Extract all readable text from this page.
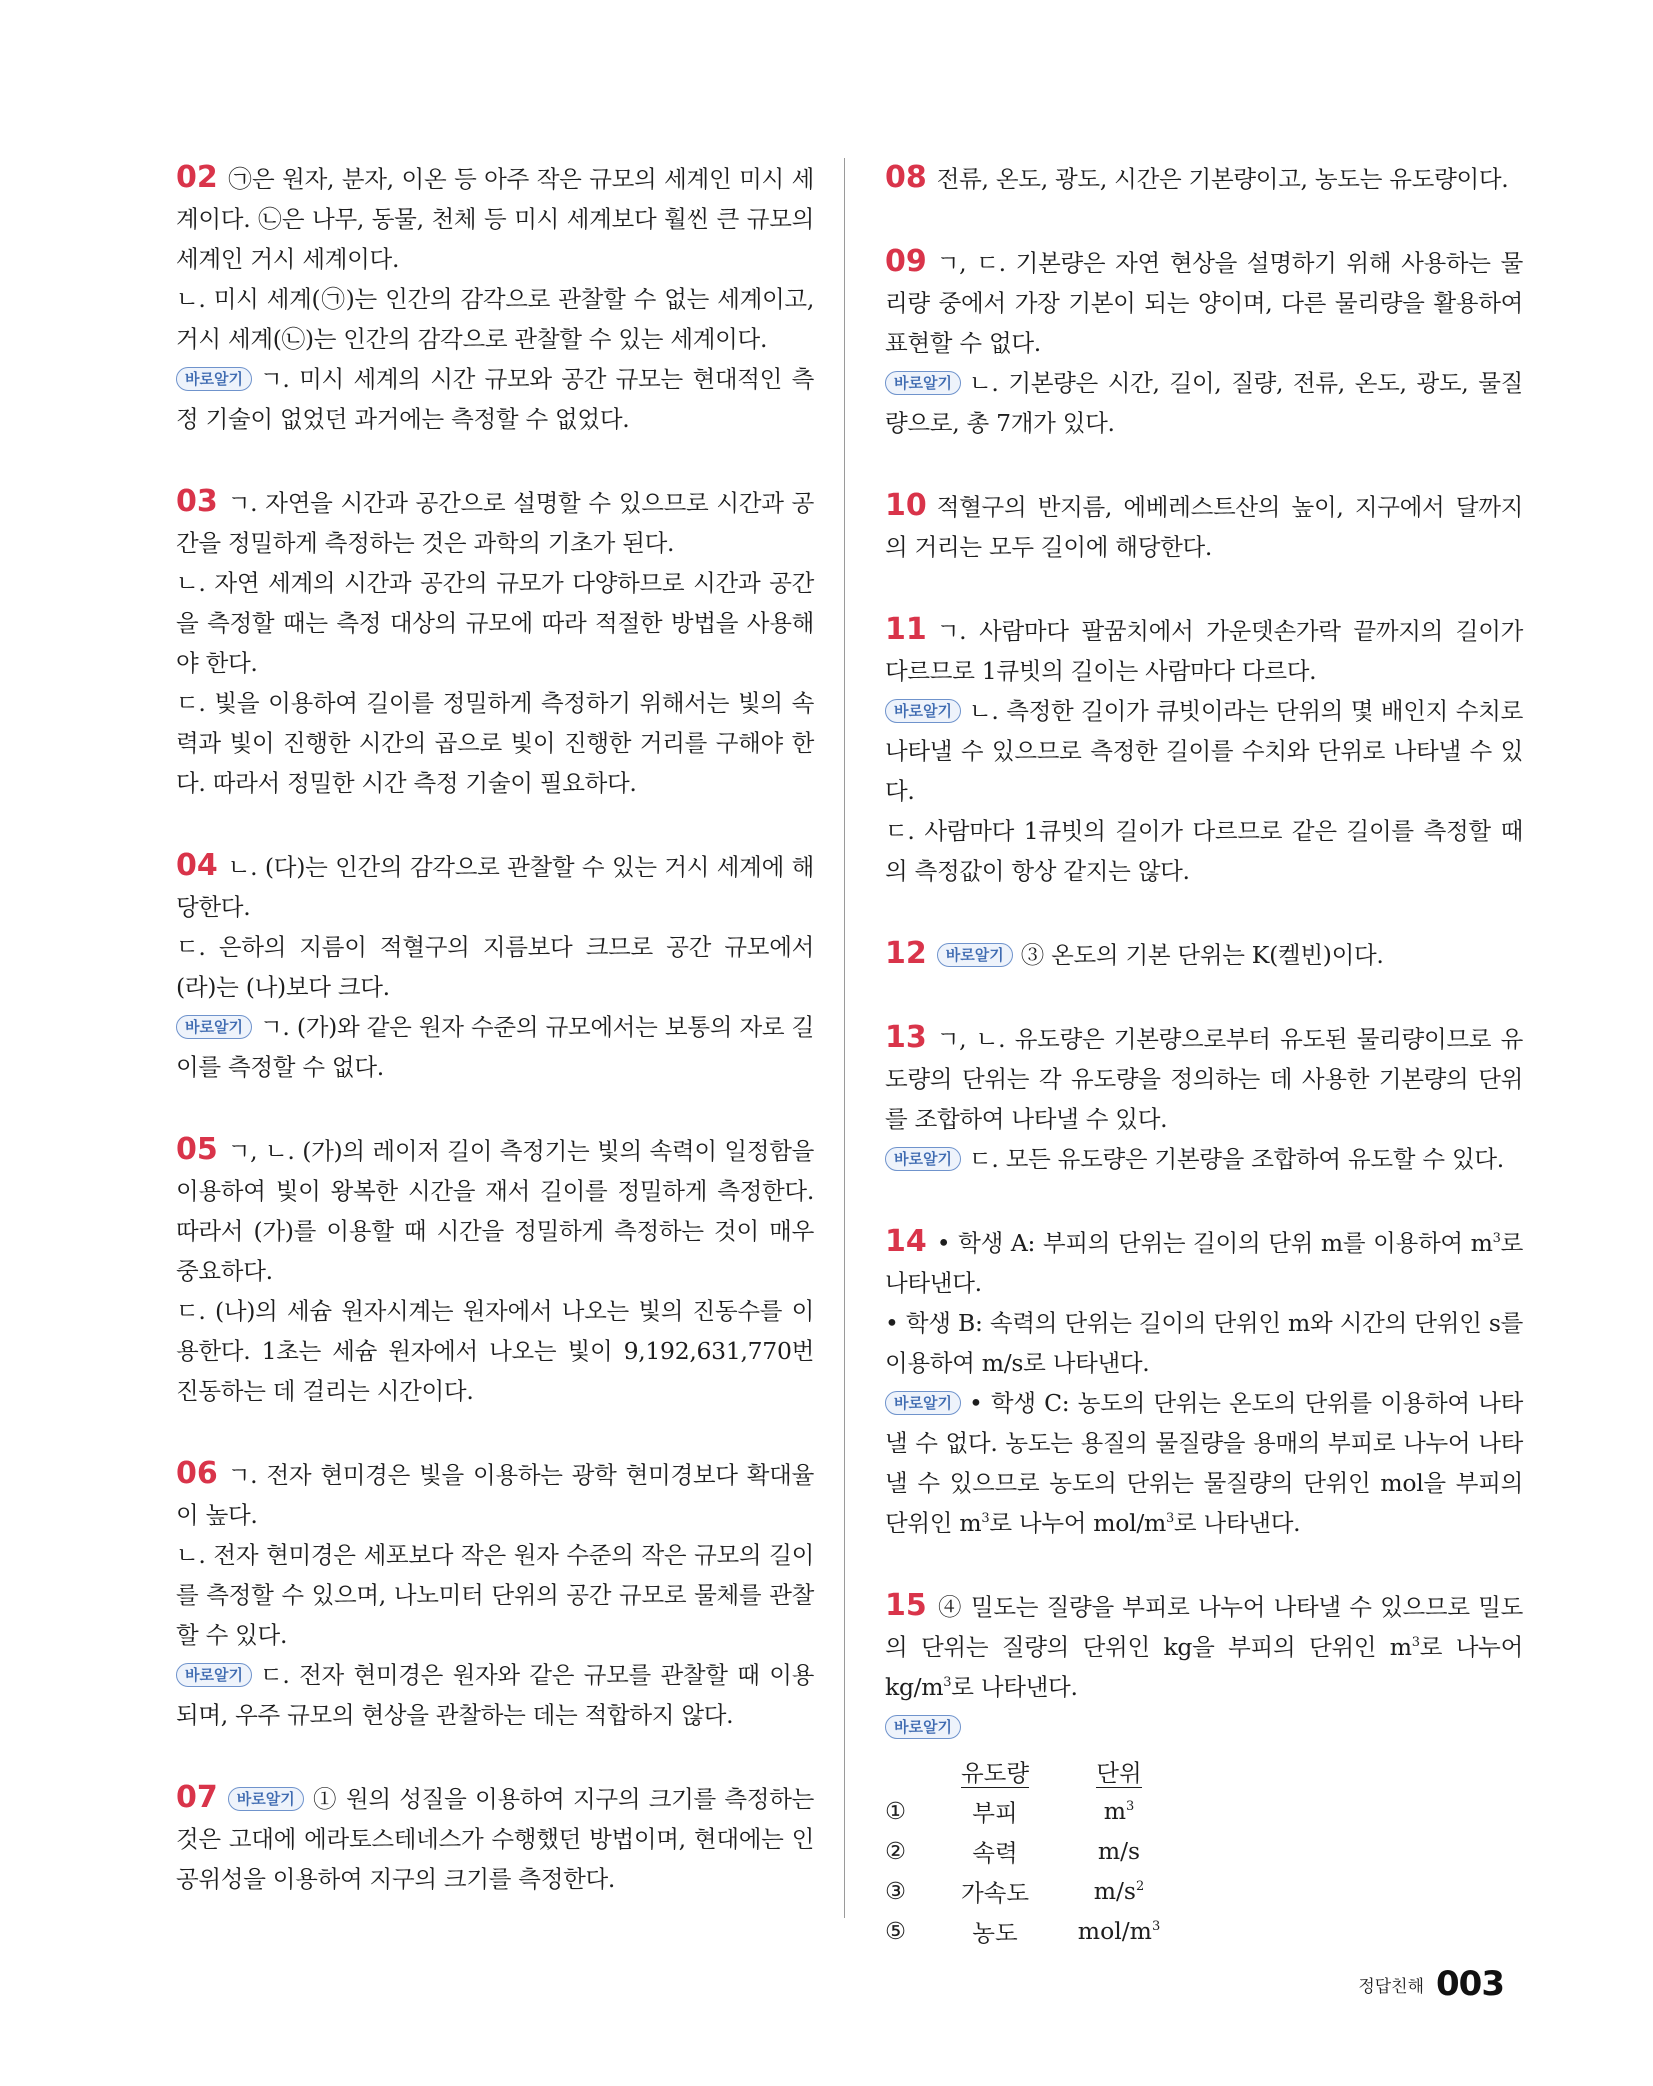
02 ㉠은 원자, 분자, 이온 등 아주 작은 규모의 세계인 미시 세계이다. ㉡은 나무, 동물, 천체 등 미시 세계보다 훨씬 큰 규모의 세계인 거시 세계이다.

ㄴ. 미시 세계(㉠)는 인간의 감각으로 관찰할 수 없는 세계이고, 거시 세계(㉡)는 인간의 감각으로 관찰할 수 있는 세계이다.

바로알기 ㄱ. 미시 세계의 시간 규모와 공간 규모는 현대적인 측정 기술이 없었던 과거에는 측정할 수 없었다.

03 ㄱ. 자연을 시간과 공간으로 설명할 수 있으므로 시간과 공간을 정밀하게 측정하는 것은 과학의 기초가 된다.

ㄴ. 자연 세계의 시간과 공간의 규모가 다양하므로 시간과 공간을 측정할 때는 측정 대상의 규모에 따라 적절한 방법을 사용해야 한다.

ㄷ. 빛을 이용하여 길이를 정밀하게 측정하기 위해서는 빛의 속력과 빛이 진행한 시간의 곱으로 빛이 진행한 거리를 구해야 한다. 따라서 정밀한 시간 측정 기술이 필요하다.

04 ㄴ. (다)는 인간의 감각으로 관찰할 수 있는 거시 세계에 해당한다.

ㄷ. 은하의 지름이 적혈구의 지름보다 크므로 공간 규모에서 (라)는 (나)보다 크다.

바로알기 ㄱ. (가)와 같은 원자 수준의 규모에서는 보통의 자로 길이를 측정할 수 없다.

05 ㄱ, ㄴ. (가)의 레이저 길이 측정기는 빛의 속력이 일정함을 이용하여 빛이 왕복한 시간을 재서 길이를 정밀하게 측정한다. 따라서 (가)를 이용할 때 시간을 정밀하게 측정하는 것이 매우 중요하다.

ㄷ. (나)의 세슘 원자시계는 원자에서 나오는 빛의 진동수를 이용한다. 1초는 세슘 원자에서 나오는 빛이 9,192,631,770번 진동하는 데 걸리는 시간이다.

06 ㄱ. 전자 현미경은 빛을 이용하는 광학 현미경보다 확대율이 높다.

ㄴ. 전자 현미경은 세포보다 작은 원자 수준의 작은 규모의 길이를 측정할 수 있으며, 나노미터 단위의 공간 규모로 물체를 관찰할 수 있다.

바로알기 ㄷ. 전자 현미경은 원자와 같은 규모를 관찰할 때 이용되며, 우주 규모의 현상을 관찰하는 데는 적합하지 않다.

07 바로알기 ① 원의 성질을 이용하여 지구의 크기를 측정하는 것은 고대에 에라토스테네스가 수행했던 방법이며, 현대에는 인공위성을 이용하여 지구의 크기를 측정한다.

08 전류, 온도, 광도, 시간은 기본량이고, 농도는 유도량이다.

09 ㄱ, ㄷ. 기본량은 자연 현상을 설명하기 위해 사용하는 물리량 중에서 가장 기본이 되는 양이며, 다른 물리량을 활용하여 표현할 수 없다.

바로알기 ㄴ. 기본량은 시간, 길이, 질량, 전류, 온도, 광도, 물질량으로, 총 7개가 있다.

10 적혈구의 반지름, 에베레스트산의 높이, 지구에서 달까지의 거리는 모두 길이에 해당한다.

11 ㄱ. 사람마다 팔꿈치에서 가운뎃손가락 끝까지의 길이가 다르므로 1큐빗의 길이는 사람마다 다르다.

바로알기 ㄴ. 측정한 길이가 큐빗이라는 단위의 몇 배인지 수치로 나타낼 수 있으므로 측정한 길이를 수치와 단위로 나타낼 수 있다.

ㄷ. 사람마다 1큐빗의 길이가 다르므로 같은 길이를 측정할 때의 측정값이 항상 같지는 않다.

12 바로알기 ③ 온도의 기본 단위는 K(켈빈)이다.

13 ㄱ, ㄴ. 유도량은 기본량으로부터 유도된 물리량이므로 유도량의 단위는 각 유도량을 정의하는 데 사용한 기본량의 단위를 조합하여 나타낼 수 있다.

바로알기 ㄷ. 모든 유도량은 기본량을 조합하여 유도할 수 있다.

14 • 학생 A: 부피의 단위는 길이의 단위 m를 이용하여 $m^3$로 나타낸다.

• 학생 B: 속력의 단위는 길이의 단위인 m와 시간의 단위인 s를 이용하여 m/s로 나타낸다.

바로알기 • 학생 C: 농도의 단위는 온도의 단위를 이용하여 나타낼 수 없다. 농도는 용질의 물질량을 용매의 부피로 나누어 나타낼 수 있으므로 농도의 단위는 물질량의 단위인 mol을 부피의 단위인 $m^3$로 나누어 mol/$m^3$로 나타낸다.

15 ④ 밀도는 질량을 부피로 나누어 나타낼 수 있으므로 밀도의 단위는 질량의 단위인 kg을 부피의 단위인 $m^3$로 나누어 $kg/m^3$로 나타낸다.

바로알기

	유도량	단위
①	부피	$m^3$
②	속력	m/s
③	가속도	$m/s^2$
⑤	농도	mol/$m^3$
정답친해 003
